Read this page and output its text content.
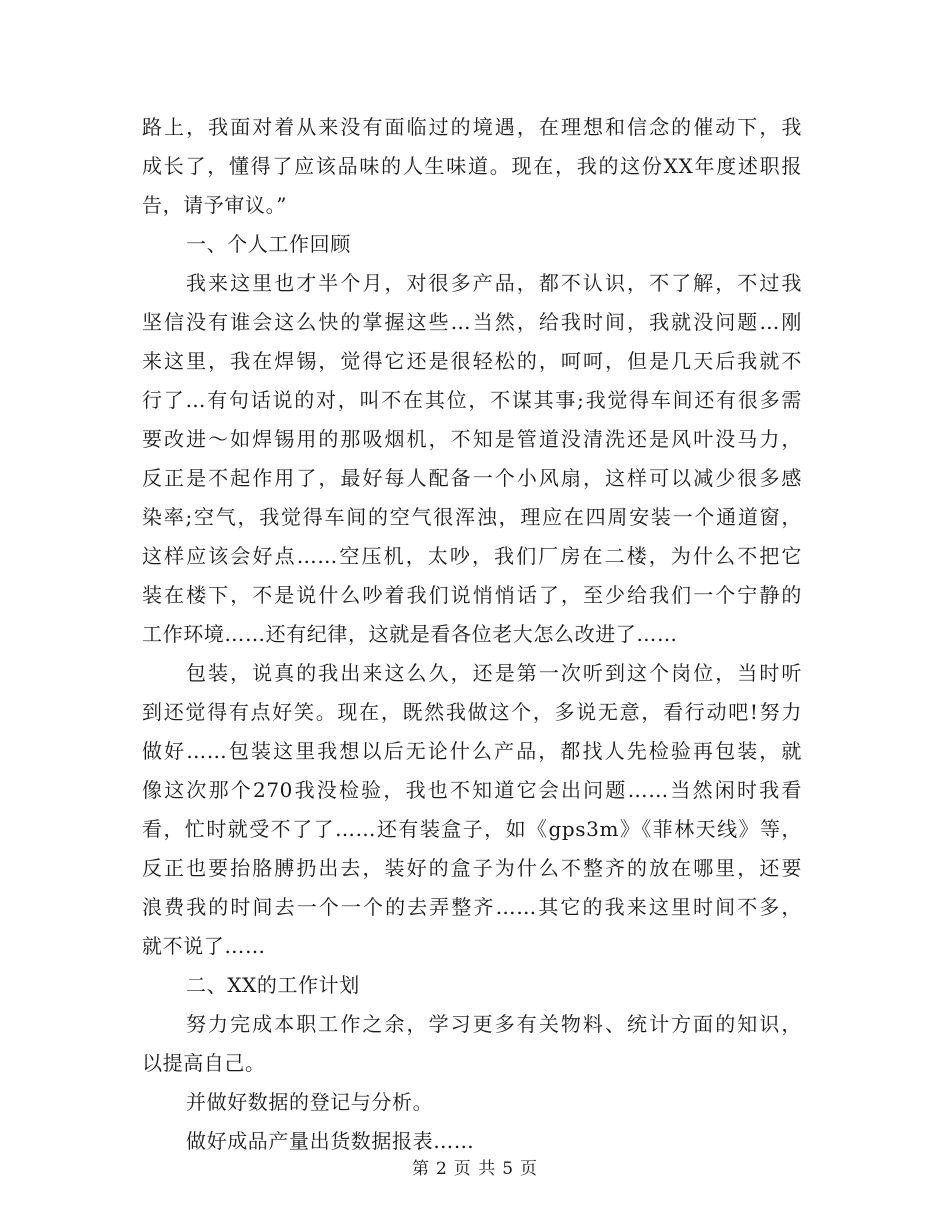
路上，我面对着从来没有面临过的境遇，在理想和信念的催动下，我
成长了，懂得了应该品味的人生味道。现在，我的这份XX年度述职报
告，请予审议。”
一、个人工作回顾
我来这里也才半个月，对很多产品，都不认识，不了解，不过我
坚信没有谁会这么快的掌握这些…当然，给我时间，我就没问题…刚
来这里，我在焊锡，觉得它还是很轻松的，呵呵，但是几天后我就不
行了…有句话说的对，叫不在其位，不谋其事;我觉得车间还有很多需
要改进～如焊锡用的那吸烟机，不知是管道没清洗还是风叶没马力，
反正是不起作用了，最好每人配备一个小风扇，这样可以减少很多感
染率;空气，我觉得车间的空气很浑浊，理应在四周安装一个通道窗，
这样应该会好点……空压机，太吵，我们厂房在二楼，为什么不把它
装在楼下，不是说什么吵着我们说悄悄话了，至少给我们一个宁静的
工作环境……还有纪律，这就是看各位老大怎么改进了……
包装，说真的我出来这么久，还是第一次听到这个岗位，当时听
到还觉得有点好笑。现在，既然我做这个，多说无意，看行动吧!努力
做好……包装这里我想以后无论什么产品，都找人先检验再包装，就
像这次那个270我没检验，我也不知道它会出问题……当然闲时我看
看，忙时就受不了了……还有装盒子，如《gps3m》《菲林天线》等，
反正也要抬胳膊扔出去，装好的盒子为什么不整齐的放在哪里，还要
浪费我的时间去一个一个的去弄整齐……其它的我来这里时间不多，
就不说了……
二、XX的工作计划
努力完成本职工作之余，学习更多有关物料、统计方面的知识，
以提高自己。
并做好数据的登记与分析。
做好成品产量出货数据报表……
第 2 页 共 5 页
